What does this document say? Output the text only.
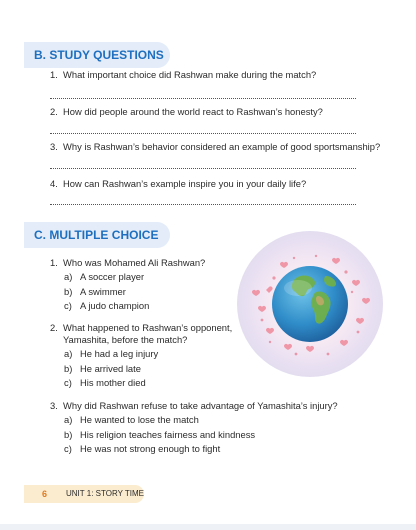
B. STUDY QUESTIONS
1. What important choice did Rashwan make during the match?
2. How did people around the world react to Rashwan’s honesty?
3. Why is Rashwan’s behavior considered an example of good sportsmanship?
4. How can Rashwan’s example inspire you in your daily life?
C. MULTIPLE CHOICE
1. Who was Mohamed Ali Rashwan?
a) A soccer player
b) A swimmer
c) A judo champion
2. What happened to Rashwan’s opponent, Yamashita, before the match?
a) He had a leg injury
b) He arrived late
c) His mother died
3. Why did Rashwan refuse to take advantage of Yamashita’s injury?
a) He wanted to lose the match
b) His religion teaches fairness and kindness
c) He was not strong enough to fight
6 UNIT 1: STORY TIME
